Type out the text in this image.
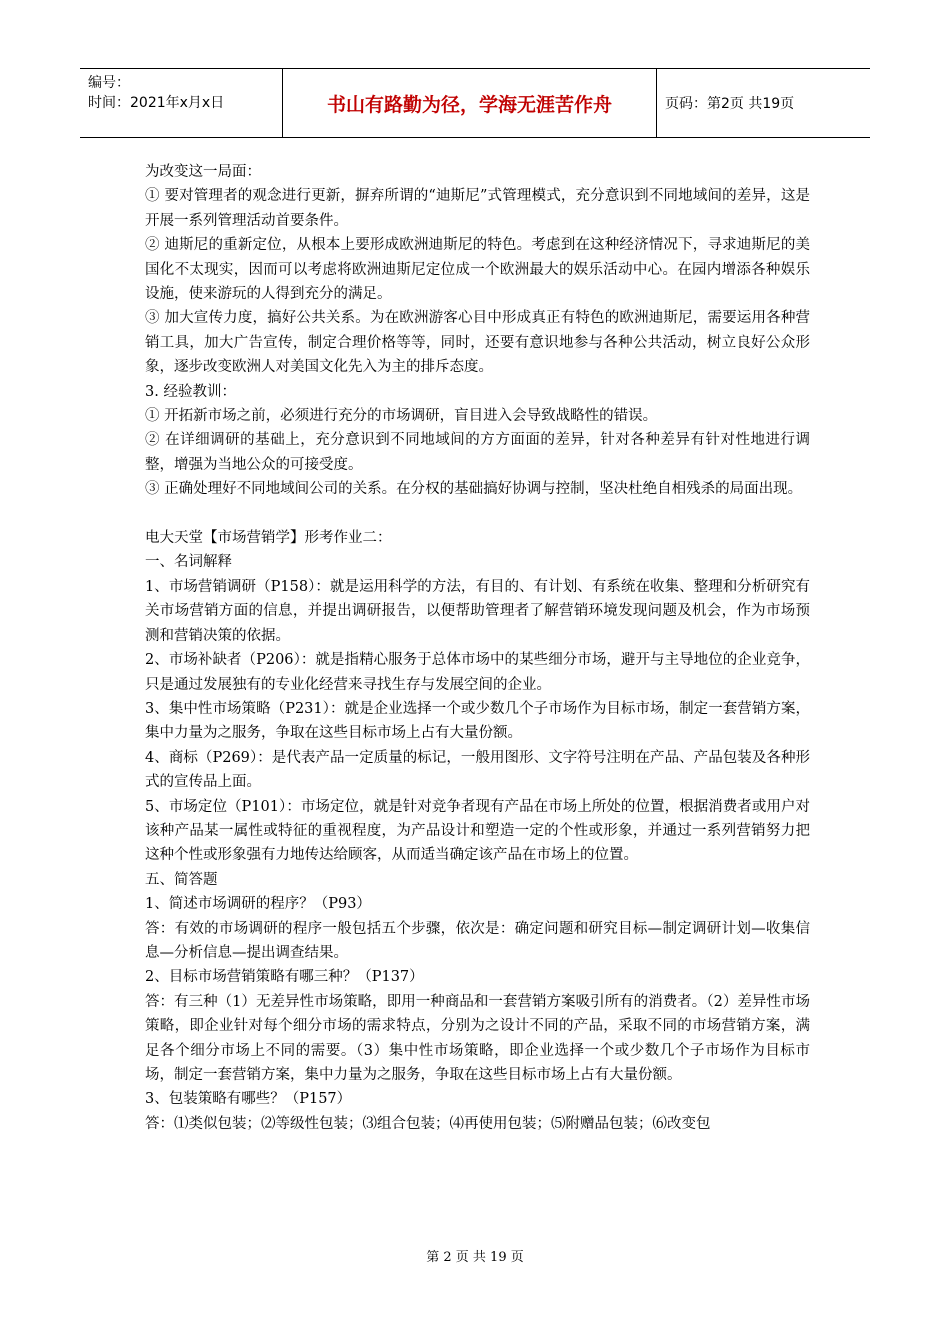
编号：
时间：2021年x月x日	书山有路勤为径，学海无涯苦作舟	页码：第2页 共19页

为改变这一局面：

① 要对管理者的观念进行更新，摒弃所谓的“迪斯尼”式管理模式，充分意识到不同地域间的差异，这是开展一系列管理活动首要条件。

② 迪斯尼的重新定位，从根本上要形成欧洲迪斯尼的特色。考虑到在这种经济情况下，寻求迪斯尼的美国化不太现实，因而可以考虑将欧洲迪斯尼定位成一个欧洲最大的娱乐活动中心。在园内增添各种娱乐设施，使来游玩的人得到充分的满足。

③ 加大宣传力度，搞好公共关系。为在欧洲游客心目中形成真正有特色的欧洲迪斯尼，需要运用各种营销工具，加大广告宣传，制定合理价格等等，同时，还要有意识地参与各种公共活动，树立良好公众形象，逐步改变欧洲人对美国文化先入为主的排斥态度。

3. 经验教训：

① 开拓新市场之前，必须进行充分的市场调研，盲目进入会导致战略性的错误。

② 在详细调研的基础上，充分意识到不同地域间的方方面面的差异，针对各种差异有针对性地进行调整，增强为当地公众的可接受度。

③ 正确处理好不同地域间公司的关系。在分权的基础搞好协调与控制，坚决杜绝自相残杀的局面出现。

电大天堂【市场营销学】形考作业二：

一、名词解释

1、市场营销调研（P158）：就是运用科学的方法，有目的、有计划、有系统在收集、整理和分析研究有关市场营销方面的信息，并提出调研报告，以便帮助管理者了解营销环境发现问题及机会，作为市场预测和营销决策的依据。

2、市场补缺者（P206）：就是指精心服务于总体市场中的某些细分市场，避开与主导地位的企业竞争，只是通过发展独有的专业化经营来寻找生存与发展空间的企业。

3、集中性市场策略（P231）：就是企业选择一个或少数几个子市场作为目标市场，制定一套营销方案，集中力量为之服务，争取在这些目标市场上占有大量份额。

4、商标（P269）：是代表产品一定质量的标记，一般用图形、文字符号注明在产品、产品包装及各种形式的宣传品上面。

5、市场定位（P101）：市场定位，就是针对竞争者现有产品在市场上所处的位置，根据消费者或用户对该种产品某一属性或特征的重视程度，为产品设计和塑造一定的个性或形象，并通过一系列营销努力把这种个性或形象强有力地传达给顾客，从而适当确定该产品在市场上的位置。

五、简答题

1、简述市场调研的程序？（P93）

答：有效的市场调研的程序一般包括五个步骤，依次是：确定问题和研究目标—制定调研计划—收集信息—分析信息—提出调查结果。

2、目标市场营销策略有哪三种？（P137）

答：有三种（1）无差异性市场策略，即用一种商品和一套营销方案吸引所有的消费者。（2）差异性市场策略，即企业针对每个细分市场的需求特点，分别为之设计不同的产品，采取不同的市场营销方案，满足各个细分市场上不同的需要。（3）集中性市场策略，即企业选择一个或少数几个子市场作为目标市场，制定一套营销方案，集中力量为之服务，争取在这些目标市场上占有大量份额。

3、包装策略有哪些？（P157）

答：⑴类似包装；⑵等级性包装；⑶组合包装；⑷再使用包装；⑸附赠品包装；⑹改变包

第 2 页 共 19 页
